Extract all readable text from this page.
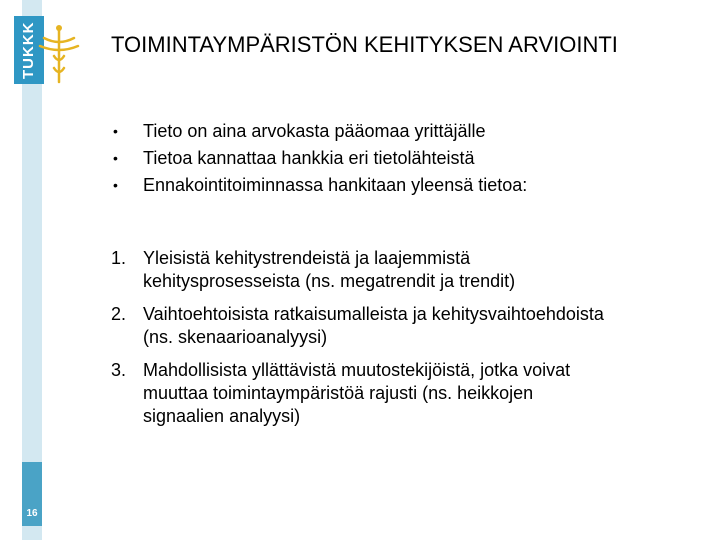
16
TUKKK	TOIMINTAYMPÄRISTÖN KEHITYKSEN ARVIOINTI
•	Tieto on aina arvokasta pääomaa yrittäjälle
•	Tietoa kannattaa hankkia eri tietolähteistä
•	Ennakointitoiminnassa hankitaan yleensä tietoa:
1. Yleisistä kehitystrendeistä ja laajemmistä kehitysprosesseista (ns. megatrendit ja trendit)
2. Vaihtoehtoisista ratkaisumalleista ja kehitysvaihtoehdoista (ns. skenaarioanalyysi)
3. Mahdollisista yllättävistä muutostekijöistä, jotka voivat muuttaa toimintaympäristöä rajusti (ns. heikkojen signaalien analyysi)
